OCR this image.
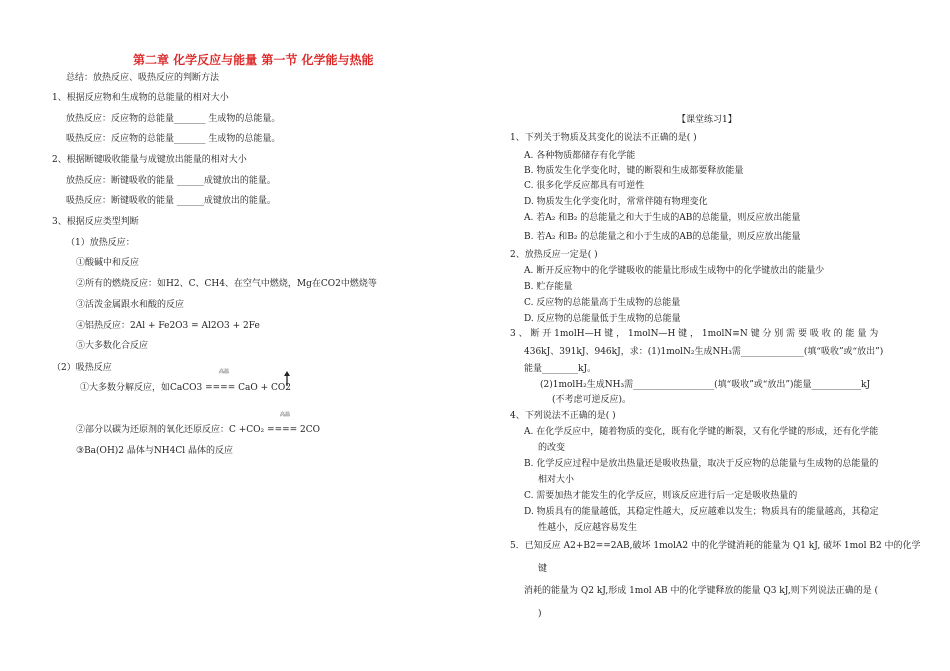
第二章 化学反应与能量 第一节 化学能与热能
总结：放热反应、吸热反应的判断方法
1、根据反应物和生成物的总能量的相对大小
放热反应：反应物的总能量_______ 生成物的总能量。
吸热反应：反应物的总能量_______ 生成物的总能量。
2、根据断键吸收能量与成键放出能量的相对大小
放热反应：断键吸收的能量 ______成键放出的能量。
吸热反应：断键吸收的能量 ______成键放出的能量。
3、根据反应类型判断
（1）放热反应：
①酸碱中和反应
②所有的燃烧反应：如H2、C、CH4、在空气中燃烧，Mg在CO2中燃烧等
③活泼金属跟水和酸的反应
④铝热反应：2Al + Fe2O3 = Al2O3 + 2Fe
⑤大多数化合反应
（2）吸热反应	高温
①大多数分解反应，如CaCO3 ==== CaO + CO2
高温
②部分以碳为还原剂的氧化还原反应：C +CO₂ ==== 2CO
③Ba(OH)2 晶体与NH4Cl 晶体的反应
【课堂练习1】
1、下列关于物质及其变化的说法不正确的是( )
A. 各种物质都储存有化学能
B. 物质发生化学变化时，键的断裂和生成都要释放能量
C. 很多化学反应都具有可逆性
D. 物质发生化学变化时，常常伴随有物理变化
A. 若A₂ 和B₂ 的总能量之和大于生成的AB的总能量，则反应放出能量
B. 若A₂ 和B₂ 的总能量之和小于生成的AB的总能量，则反应放出能量
2、放热反应一定是( )
A. 断开反应物中的化学键吸收的能量比形成生成物中的化学键放出的能量少
B. 贮存能量
C. 反应物的总能量高于生成物的总能量
D. 反应物的总能量低于生成物的总能量
3 、 断 开 1molH—H 键 ， 1molN—H 键 ， 1molN≡N 键 分 别 需 要 吸 收 的 能 量 为
436kJ、391kJ、946kJ，求：(1)1molN₂生成NH₃需______________(填“吸收”或“放出”)
能量________kJ。
(2)1molH₂生成NH₃需__________________(填“吸收”或“放出”)能量___________kJ
(不考虑可逆反应)。
4、下列说法不正确的是( )
A. 在化学反应中，随着物质的变化，既有化学键的断裂，又有化学键的形成，还有化学能
的改变
B. 化学反应过程中是放出热量还是吸收热量，取决于反应物的总能量与生成物的总能量的
相对大小
C. 需要加热才能发生的化学反应，则该反应进行后一定是吸收热量的
D. 物质具有的能量越低，其稳定性越大，反应越难以发生；物质具有的能量越高，其稳定
性越小，反应越容易发生
5．已知反应 A2+B2==2AB,破坏 1molA2 中的化学键消耗的能量为 Q1 kJ, 破坏 1mol B2 中的化学
键
消耗的能量为 Q2 kJ,形成 1mol AB 中的化学键释放的能量 Q3 kJ,则下列说法正确的是 (
)
